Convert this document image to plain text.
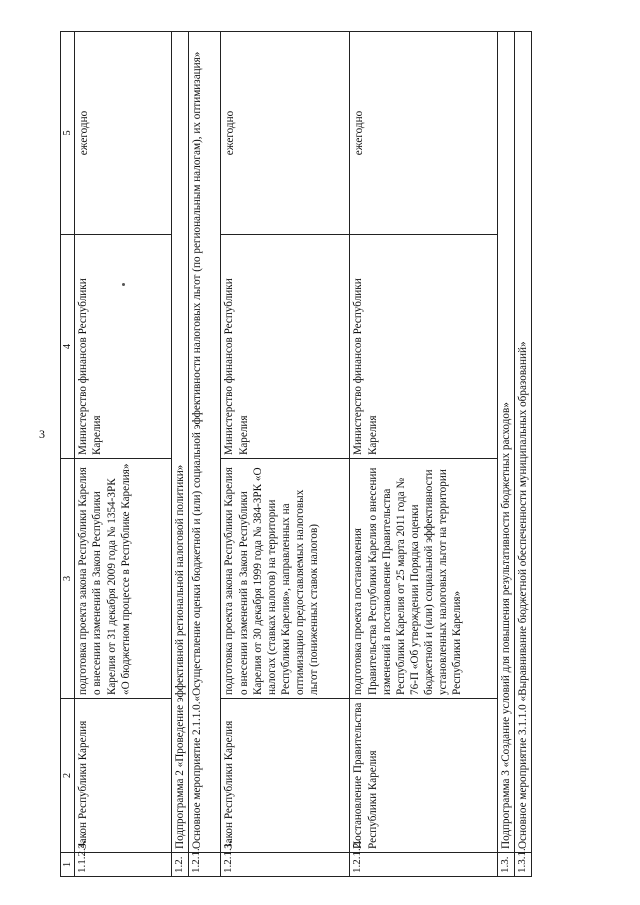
3
1	2	3	4	5
1.1.2.4.	Закон Республики Карелия	подготовка проекта закона Республики Карелия о внесении изменений в Закон Республики Карелия от 31 декабря 2009 года № 1354-ЗРК «О бюджетном процессе в Республике Карелия»	Министерство финансов Республики Карелия	ежегодно
1.2.	Подпрограмма 2 «Проведение эффективной региональной налоговой политики»			
1.2.1.	Основное мероприятие 2.1.1.0.«Осуществление оценки бюджетной и (или) социальной эффективности налоговых льгот (по региональным налогам), их оптимизация»			
1.2.1.1.	Закон Республики Карелия	подготовка проекта закона Республики Карелия о внесении изменений в Закон Республики Карелия от 30 декабря 1999 года № 384-ЗРК «О налогах (ставках налогов) на территории Республики Карелия», направленных на оптимизацию предоставляемых налоговых льгот (пониженных ставок налогов)	Министерство финансов Республики Карелия	ежегодно
1.2.1.2.	Постановление Правительства Республики Карелия	подготовка проекта постановления Правительства Республики Карелия о внесении изменений в постановление Правительства Республики Карелия от 25 марта 2011 года № 76-П «Об утверждении Порядка оценки бюджетной и (или) социальной эффективности установленных налоговых льгот на территории Республики Карелия»	Министерство финансов Республики Карелия	ежегодно
1.3.	Подпрограмма 3 «Создание условий для повышения результативности бюджетных расходов»			
1.3.1.	Основное мероприятие 3.1.1.0 «Выравнивание бюджетной обеспеченности муниципальных образований»			
